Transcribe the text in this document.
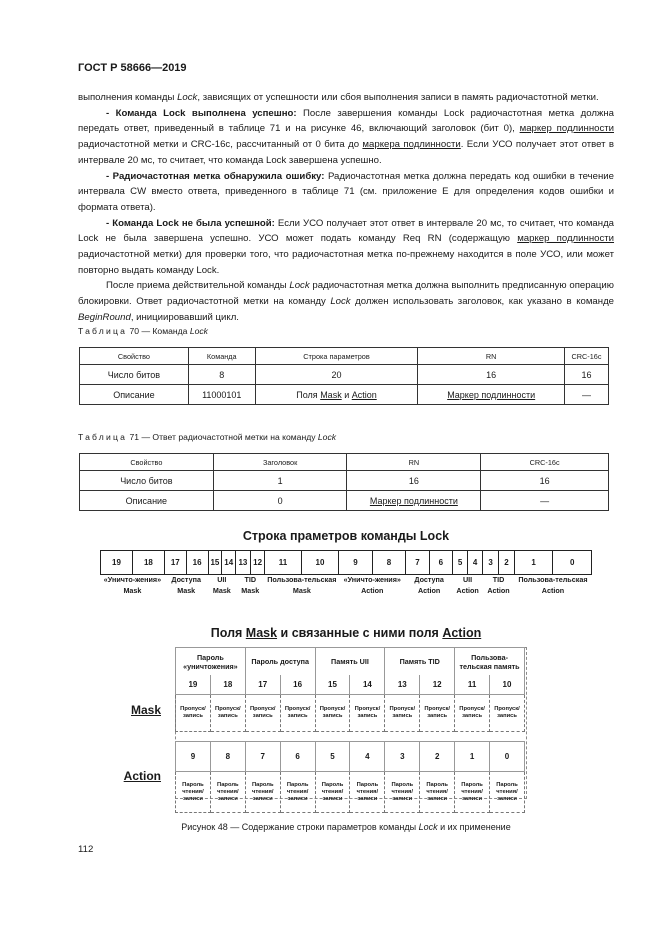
ГОСТ Р 58666—2019

выполнения команды Lock, зависящих от успешности или сбоя выполнения записи в память радиочастотной метки.

- Команда Lock выполнена успешно: После завершения команды Lock радиочастотная метка должна передать ответ, приведенный в таблице 71 и на рисунке 46, включающий заголовок (бит 0), маркер подлинности радиочастотной метки и CRC-16c, рассчитанный от 0 бита до маркера подлинности. Если УСО получает этот ответ в интервале 20 мс, то считает, что команда Lock завершена успешно.

- Радиочастотная метка обнаружила ошибку: Радиочастотная метка должна передать код ошибки в течение интервала CW вместо ответа, приведенного в таблице 71 (см. приложение Е для определения кодов ошибки и формата ответа).

- Команда Lock не была успешной: Если УСО получает этот ответ в интервале 20 мс, то считает, что команда Lock не была завершена успешно. УСО может подать команду Req RN (содержащую маркер подлинности радиочастотной метки) для проверки того, что радиочастотная метка по-прежнему находится в поле УСО, или может повторно выдать команду Lock.

После приема действительной команды Lock радиочастотная метка должна выполнить предписанную операцию блокировки. Ответ радиочастотной метки на команду Lock должен использовать заголовок, как указано в команде BeginRound, инициировавший цикл.

Таблица 70 — Команда Lock
Свойство	Команда	Строка параметров	RN	CRC-16c
Число битов	8	20	16	16
Описание	11000101	Поля Mask и Action	Маркер подлинности	—
Таблица 71 — Ответ радиочастотной метки на команду Lock
Свойство	Заголовок	RN	CRC-16c
Число битов	1	16	16
Описание	0	Маркер подлинности	—
Строка праметров команды Lock
19	18	17	16	15	14	13	12	11	10	9	8	7	6	5	4	3	2	1	0
«Уничто-жения» Mask		Доступа Mask		UII Mask		TID Mask		Пользова-тельская Mask		«Уничто-жения» Action		Доступа Action		UII Action		TID Action		Пользова-тельская Action	
Поля Mask и связанные с ними поля Action
Mask
Action
Пароль «уничтожения»		Пароль доступа		Память UII		Память TID		Пользова-тельская память	
19	18	17	16	15	14	13	12	11	10
Пропуск/ запись	Пропуск/ запись	Пропуск/ запись	Пропуск/ запись	Пропуск/ запись	Пропуск/ запись	Пропуск/ запись	Пропуск/ запись	Пропуск/ запись	Пропуск/ запись

9	8	7	6	5	4	3	2	1	0
Пароль чтения/ записи	Пароль чтения/ записи	Пароль чтения/ записи	Пароль чтения/ записи	Пароль чтения/ записи	Пароль чтения/ записи	Пароль чтения/ записи	Пароль чтения/ записи	Пароль чтения/ записи	Пароль чтения/ записи
Рисунок 48 — Содержание строки параметров команды Lock и их применение
112
